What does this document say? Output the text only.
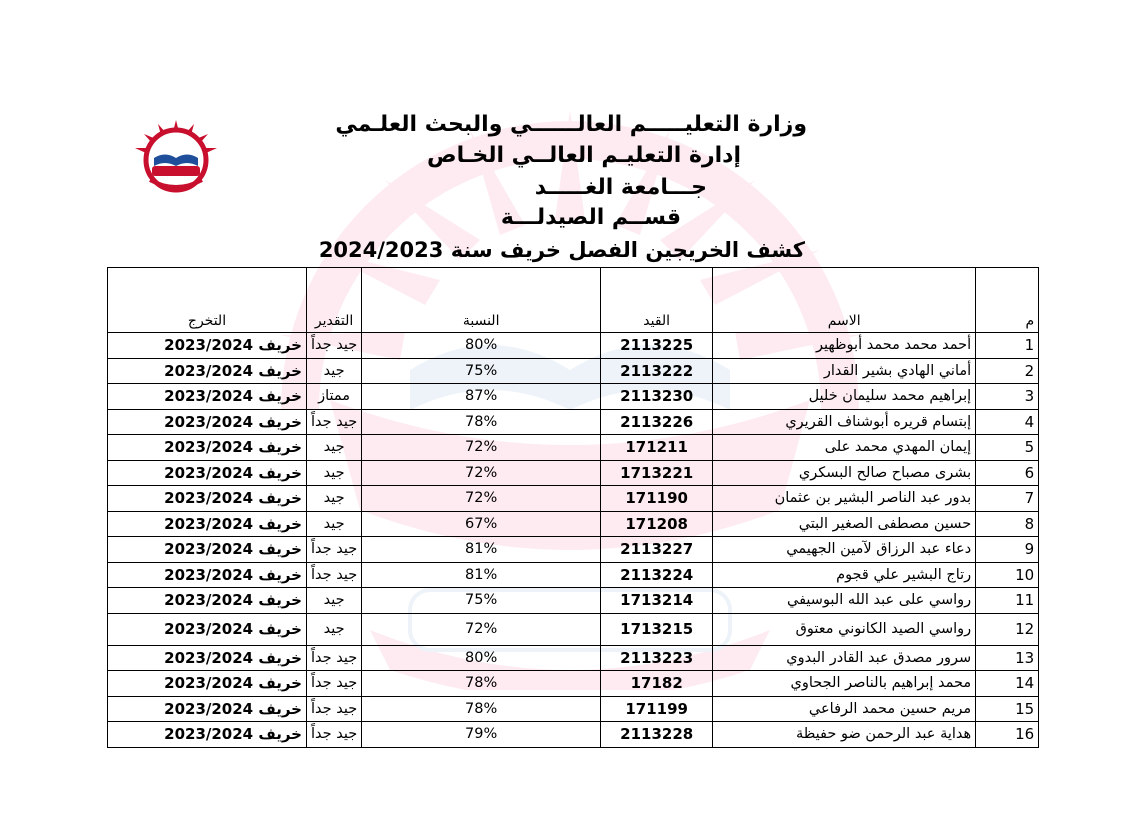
وزارة التعليـــــم العالــــــي والبحث العلـمي
إدارة التعليـم العالــي الخـاص
جـــامعة الغـــــد
قســم الصيدلـــة
كشف الخريجين الفصل خريف سنة 2024/2023
م	الاسم	القيد	النسبة	التقدير	التخرج
1	أحمد محمد محمد أبوظهير	2113225	80%	جيد جداً	خريف 2023/2024
2	أماني الهادي بشير القدار	2113222	75%	جيد	خريف 2023/2024
3	إبراهيم محمد سليمان خليل	2113230	87%	ممتاز	خريف 2023/2024
4	إبتسام قريره أبوشناف القريري	2113226	78%	جيد جداً	خريف 2023/2024
5	إيمان المهدي محمد على	171211	72%	جيد	خريف 2023/2024
6	بشرى مصباح صالح البسكري	1713221	72%	جيد	خريف 2023/2024
7	بدور عبد الناصر البشير بن عثمان	171190	72%	جيد	خريف 2023/2024
8	حسين مصطفى الصغير البتي	171208	67%	جيد	خريف 2023/2024
9	دعاء عبد الرزاق لآمين الجهيمي	2113227	81%	جيد جداً	خريف 2023/2024
10	رتاج البشير علي قجوم	2113224	81%	جيد جداً	خريف 2023/2024
11	رواسي على عبد الله البوسيفي	1713214	75%	جيد	خريف 2023/2024
12	رواسي الصيد الكانوني معتوق	1713215	72%	جيد	خريف 2023/2024
13	سرور مصدق عبد القادر البدوي	2113223	80%	جيد جداً	خريف 2023/2024
14	محمد إبراهيم بالناصر الجحاوي	17182	78%	جيد جداً	خريف 2023/2024
15	مريم حسين محمد الرفاعي	171199	78%	جيد جداً	خريف 2023/2024
16	هداية عبد الرحمن ضو حفيظة	2113228	79%	جيد جداً	خريف 2023/2024
